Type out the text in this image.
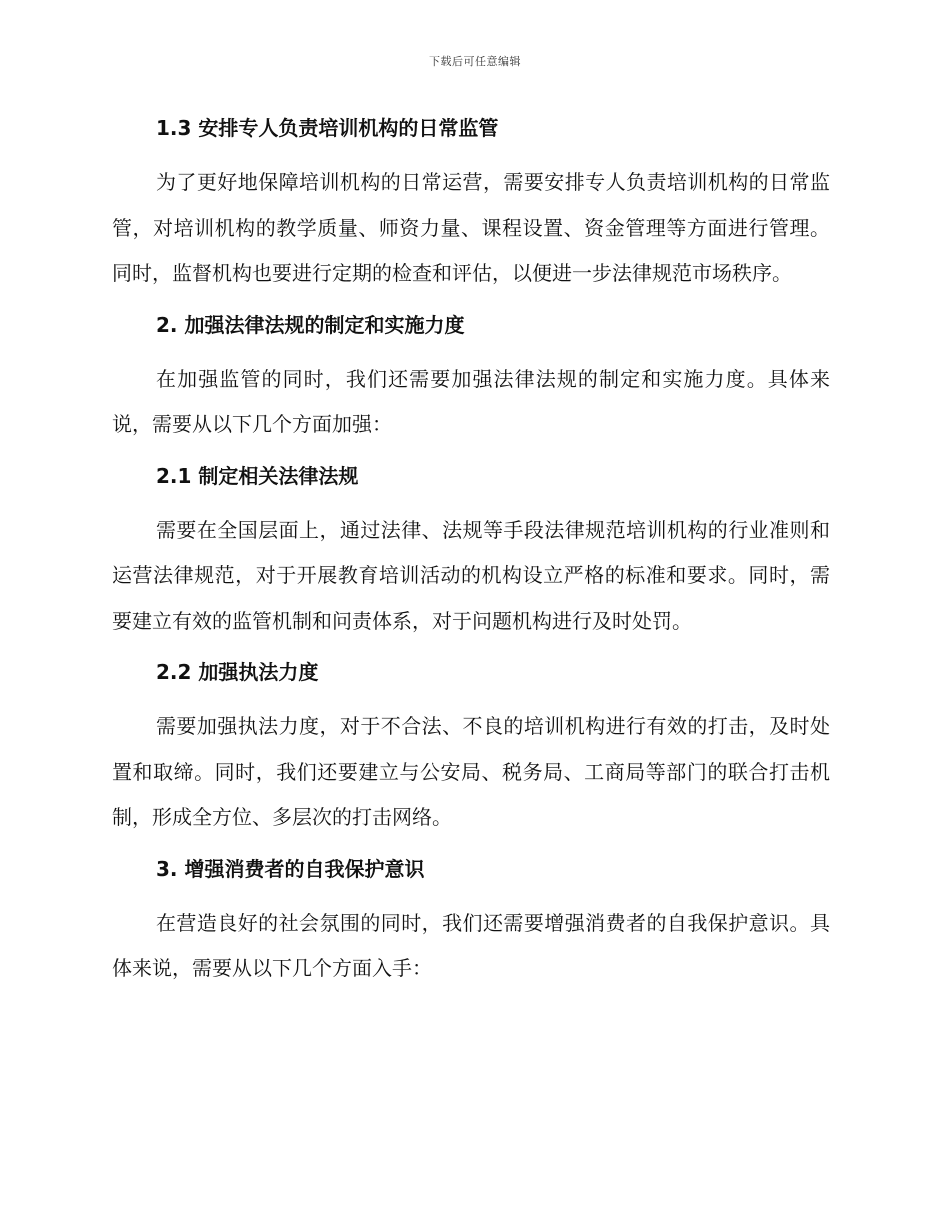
下载后可任意编辑
1.3 安排专人负责培训机构的日常监管

为了更好地保障培训机构的日常运营，需要安排专人负责培训机构的日常监管，对培训机构的教学质量、师资力量、课程设置、资金管理等方面进行管理。同时，监督机构也要进行定期的检查和评估，以便进一步法律规范市场秩序。

2. 加强法律法规的制定和实施力度

在加强监管的同时，我们还需要加强法律法规的制定和实施力度。具体来说，需要从以下几个方面加强：

2.1 制定相关法律法规

需要在全国层面上，通过法律、法规等手段法律规范培训机构的行业准则和运营法律规范，对于开展教育培训活动的机构设立严格的标准和要求。同时，需要建立有效的监管机制和问责体系，对于问题机构进行及时处罚。

2.2 加强执法力度

需要加强执法力度，对于不合法、不良的培训机构进行有效的打击，及时处置和取缔。同时，我们还要建立与公安局、税务局、工商局等部门的联合打击机制，形成全方位、多层次的打击网络。

3. 增强消费者的自我保护意识

在营造良好的社会氛围的同时，我们还需要增强消费者的自我保护意识。具体来说，需要从以下几个方面入手：
